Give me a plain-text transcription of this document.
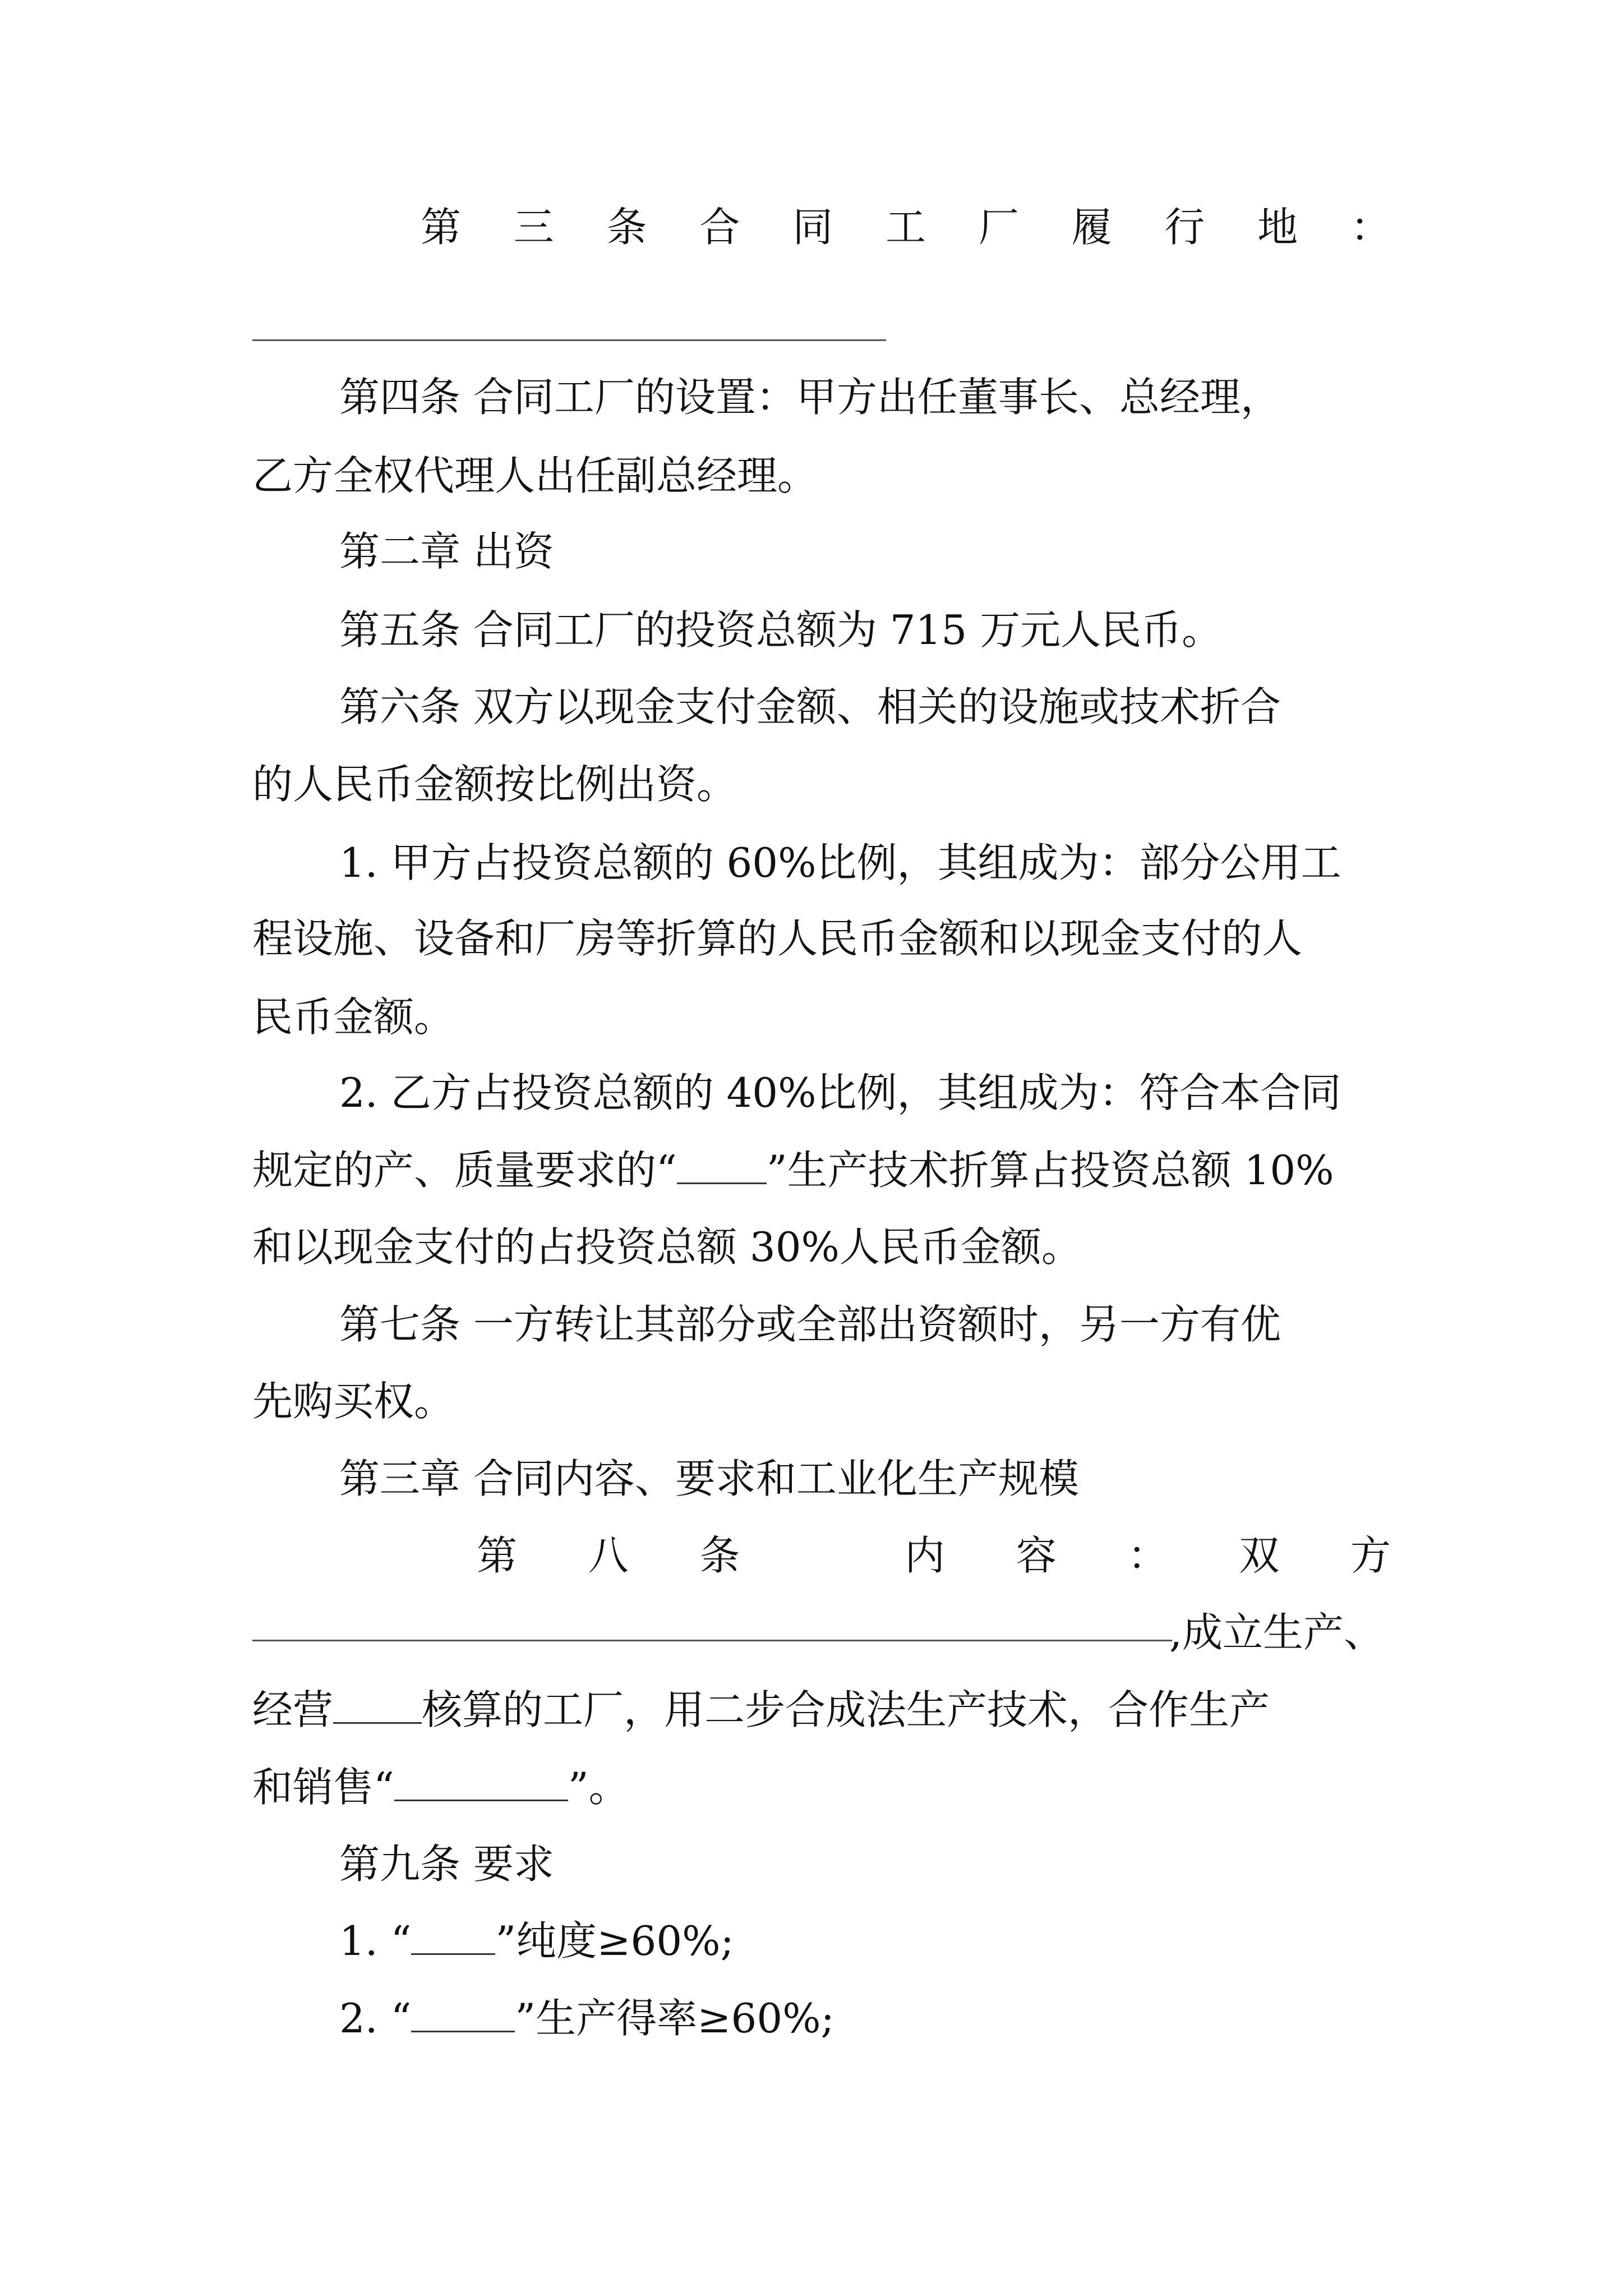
第 三 条 合 同 工 厂 履 行 地 ：
第四条 合同工厂的设置：甲方出任董事长、总经理，
乙方全权代理人出任副总经理。
第二章 出资
第五条 合同工厂的投资总额为 715 万元人民币。
第六条 双方以现金支付金额、相关的设施或技术折合
的人民币金额按比例出资。
1. 甲方占投资总额的 60%比例，其组成为：部分公用工
程设施、设备和厂房等折算的人民币金额和以现金支付的人
民币金额。
2. 乙方占投资总额的 40%比例，其组成为：符合本合同
规定的产、质量要求的“ ”生产技术折算占投资总额 10%
和以现金支付的占投资总额 30%人民币金额。
第七条 一方转让其部分或全部出资额时，另一方有优
先购买权。
第三章 合同内容、要求和工业化生产规模
第 八 条	内 容 ： 双 方
,成立生产、
经营 核算的工厂，用二步合成法生产技术，合作生产
和销售“	”。
第九条 要求
1. “ ”纯度≥60%;
2. “	”生产得率≥60%;
